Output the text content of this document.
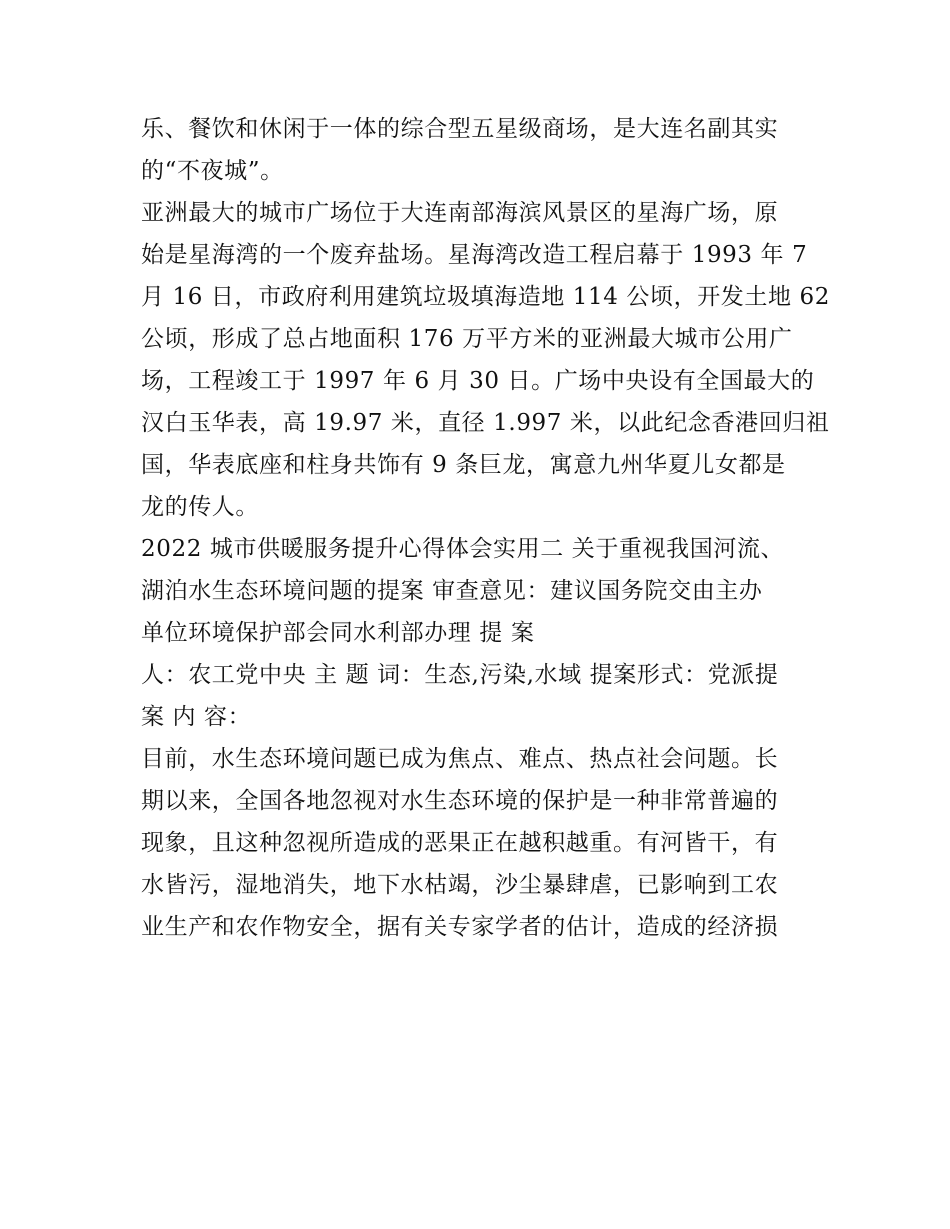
乐、餐饮和休闲于一体的综合型五星级商场，是大连名副其实
的“不夜城”。
亚洲最大的城市广场位于大连南部海滨风景区的星海广场，原
始是星海湾的一个废弃盐场。星海湾改造工程启幕于 1993 年 7
月 16 日，市政府利用建筑垃圾填海造地 114 公顷，开发土地 62
公顷，形成了总占地面积 176 万平方米的亚洲最大城市公用广
场，工程竣工于 1997 年 6 月 30 日。广场中央设有全国最大的
汉白玉华表，高 19.97 米，直径 1.997 米，以此纪念香港回归祖
国，华表底座和柱身共饰有 9 条巨龙，寓意九州华夏儿女都是
龙的传人。
2022 城市供暖服务提升心得体会实用二 关于重视我国河流、
湖泊水生态环境问题的提案 审查意见：建议国务院交由主办
单位环境保护部会同水利部办理 提 案
人：农工党中央 主 题 词：生态,污染,水域 提案形式：党派提
案 内 容：
目前，水生态环境问题已成为焦点、难点、热点社会问题。长
期以来，全国各地忽视对水生态环境的保护是一种非常普遍的
现象，且这种忽视所造成的恶果正在越积越重。有河皆干，有
水皆污，湿地消失，地下水枯竭，沙尘暴肆虐，已影响到工农
业生产和农作物安全，据有关专家学者的估计，造成的经济损
